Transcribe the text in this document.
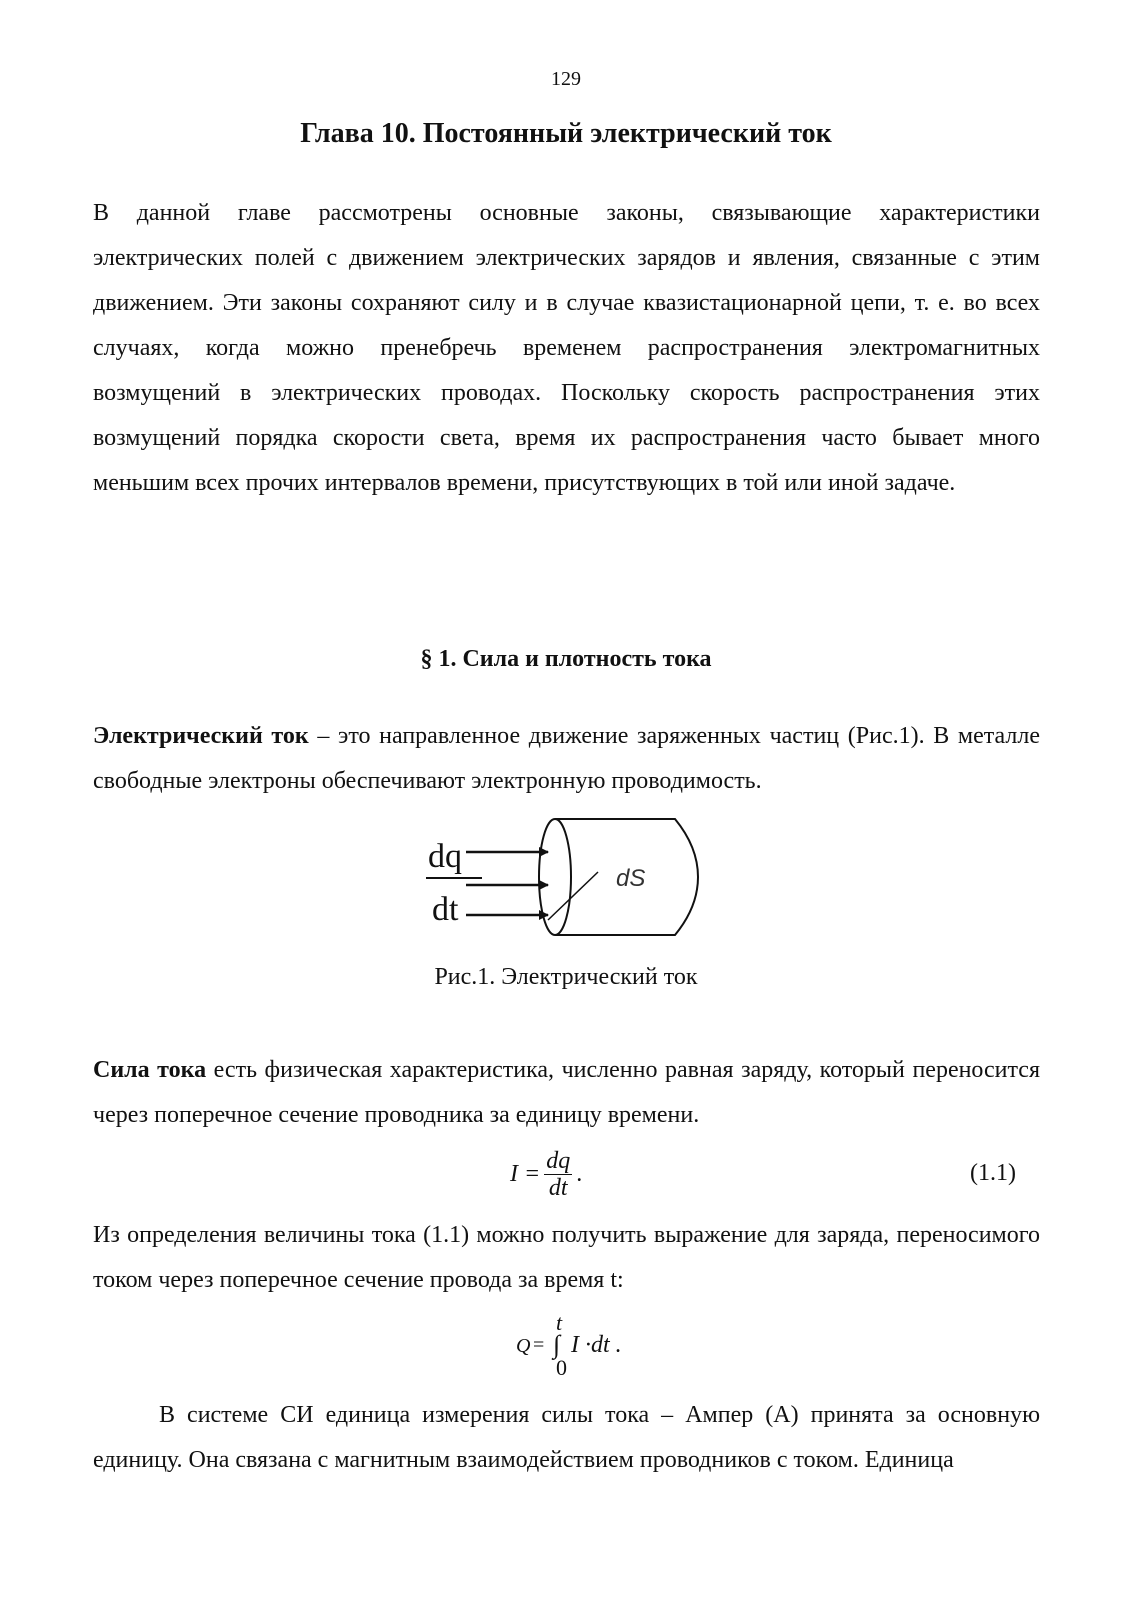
129
Глава 10. Постоянный электрический ток

В данной главе рассмотрены основные законы, связывающие характеристики электрических полей с движением электрических зарядов и явления, связанные с этим движением. Эти законы сохраняют силу и в случае квазистационарной цепи, т. е. во всех случаях, когда можно пренебречь временем распространения электромагнитных возмущений в электрических проводах. Поскольку скорость распространения этих возмущений порядка скорости света, время их распространения часто бывает много меньшим всех прочих интервалов времени, присутствующих в той или иной задаче.

§ 1. Сила и плотность тока

Электрический ток – это направленное движение заряженных частиц (Рис.1). В металле свободные электроны обеспечивают электронную проводимость.

dq
dt
dS
Рис.1. Электрический ток

Сила тока есть физическая характеристика, численно равная заряду, который переносится через поперечное сечение проводника за единицу времени.

$I = \frac{dq}{dt}$ .	(1.1)

Из определения величины тока (1.1) можно получить выражение для заряда, переносимого током через поперечное сечение провода за время t:

Q =
t
∫
0
I ·dt .

В системе СИ единица измерения силы тока – Ампер (А) принята за основную единицу. Она связана с магнитным взаимодействием проводников с током. Единица
